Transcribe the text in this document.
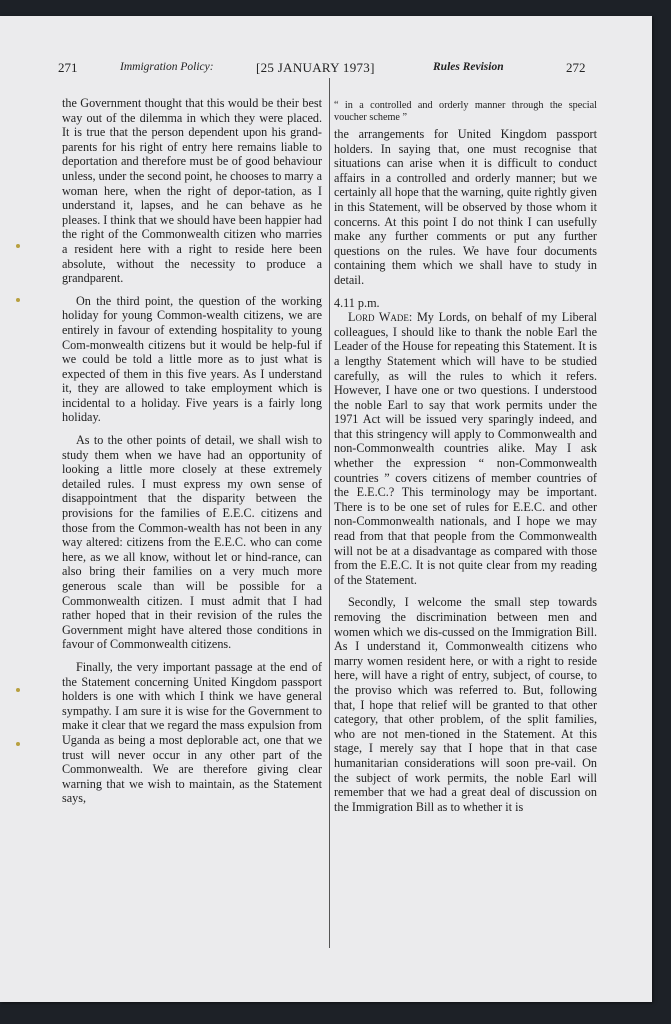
271	Immigration Policy:	[25 JANUARY 1973]	Rules Revision	272

the Government thought that this would be their best way out of the dilemma in which they were placed. It is true that the person dependent upon his grand-parents for his right of entry here remains liable to deportation and therefore must be of good behaviour unless, under the second point, he chooses to marry a woman here, when the right of depor-tation, as I understand it, lapses, and he can behave as he pleases. I think that we should have been happier had the right of the Commonwealth citizen who marries a resident here with a right to reside here been absolute, without the necessity to produce a grandparent.

On the third point, the question of the working holiday for young Common-wealth citizens, we are entirely in favour of extending hospitality to young Com-monwealth citizens but it would be help-ful if we could be told a little more as to just what is expected of them in this five years. As I understand it, they are allowed to take employment which is incidental to a holiday. Five years is a fairly long holiday.

As to the other points of detail, we shall wish to study them when we have had an opportunity of looking a little more closely at these extremely detailed rules. I must express my own sense of disappointment that the disparity between the provisions for the families of E.E.C. citizens and those from the Common-wealth has not been in any way altered: citizens from the E.E.C. who can come here, as we all know, without let or hind-rance, can also bring their families on a very much more generous scale than will be possible for a Commonwealth citizen. I must admit that I had rather hoped that in their revision of the rules the Government might have altered those conditions in favour of Commonwealth citizens.

Finally, the very important passage at the end of the Statement concerning United Kingdom passport holders is one with which I think we have general sympathy. I am sure it is wise for the Government to make it clear that we regard the mass expulsion from Uganda as being a most deplorable act, one that we trust will never occur in any other part of the Commonwealth. We are therefore giving clear warning that we wish to maintain, as the Statement says,

“ in a controlled and orderly manner through the special voucher scheme ”

the arrangements for United Kingdom passport holders. In saying that, one must recognise that situations can arise when it is difficult to conduct affairs in a controlled and orderly manner; but we certainly all hope that the warning, quite rightly given in this Statement, will be observed by those whom it concerns. At this point I do not think I can usefully make any further comments or put any further questions on the rules. We have four documents containing them which we shall have to study in detail.

4.11 p.m.

Lord Wade: My Lords, on behalf of my Liberal colleagues, I should like to thank the noble Earl the Leader of the House for repeating this Statement. It is a lengthy Statement which will have to be studied carefully, as will the rules to which it refers. However, I have one or two questions. I understood the noble Earl to say that work permits under the 1971 Act will be issued very sparingly indeed, and that this stringency will apply to Commonwealth and non-Commonwealth countries alike. May I ask whether the expression “ non-Commonwealth countries ” covers citizens of member countries of the E.E.C.? This terminology may be important. There is to be one set of rules for E.E.C. and other non-Commonwealth nationals, and I hope we may read from that that people from the Commonwealth will not be at a disadvantage as compared with those from the E.E.C. It is not quite clear from my reading of the Statement.

Secondly, I welcome the small step towards removing the discrimination between men and women which we dis-cussed on the Immigration Bill. As I understand it, Commonwealth citizens who marry women resident here, or with a right to reside here, will have a right of entry, subject, of course, to the proviso which was referred to. But, following that, I hope that relief will be granted to that other category, that other problem, of the split families, who are not men-tioned in the Statement. At this stage, I merely say that I hope that in that case humanitarian considerations will soon pre-vail. On the subject of work permits, the noble Earl will remember that we had a great deal of discussion on the Immigration Bill as to whether it is
